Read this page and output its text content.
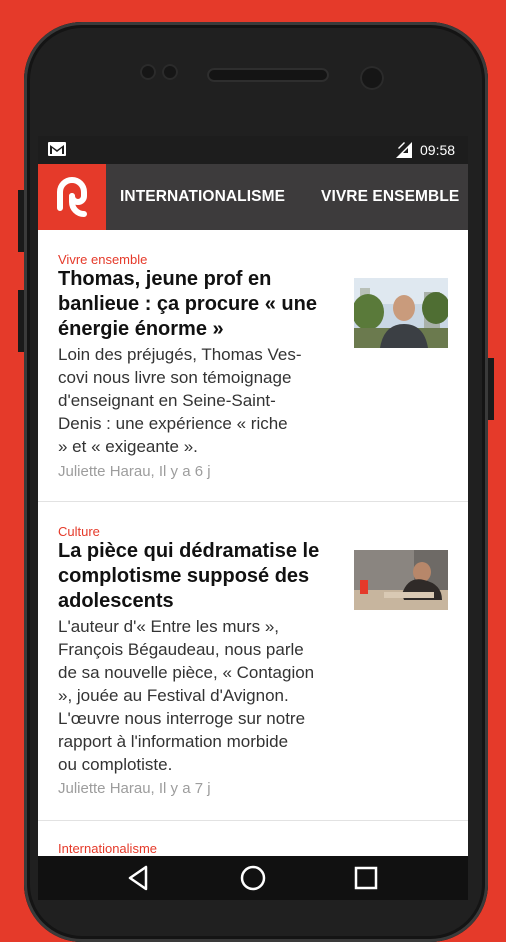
09:58
INTERNATIONALISME VIVRE ENSEMBLE
Vivre ensemble
Thomas, jeune prof en
banlieue : ça procure « une
énergie énorme »
Loin des préjugés, Thomas Ves-
covi nous livre son témoignage
d'enseignant en Seine-Saint-
Denis : une expérience « riche
» et « exigeante ».
Juliette Harau, Il y a 6 j
Culture
La pièce qui dédramatise le
complotisme supposé des
adolescents
L'auteur d'« Entre les murs »,
François Bégaudeau, nous parle
de sa nouvelle pièce, « Contagion
», jouée au Festival d'Avignon.
L'œuvre nous interroge sur notre
rapport à l'information morbide
ou complotiste.
Juliette Harau, Il y a 7 j
Internationalisme
